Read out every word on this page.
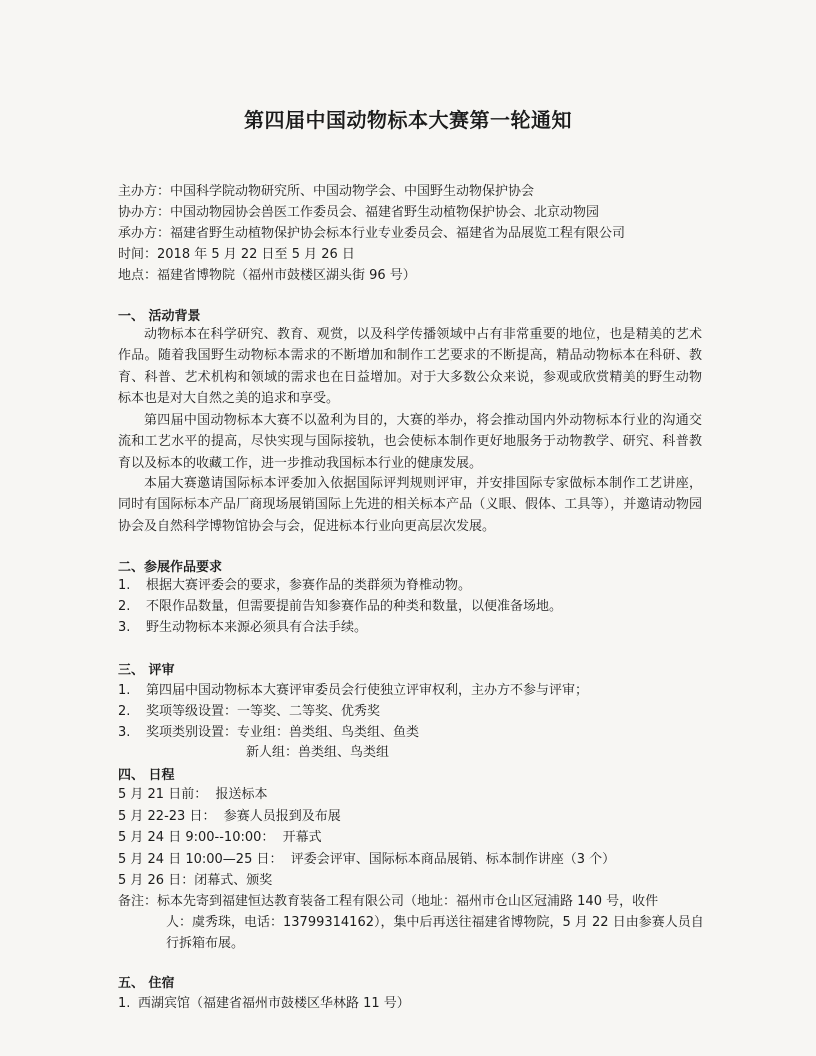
第四届中国动物标本大赛第一轮通知
主办方：中国科学院动物研究所、中国动物学会、中国野生动物保护协会
协办方：中国动物园协会兽医工作委员会、福建省野生动植物保护协会、北京动物园
承办方：福建省野生动植物保护协会标本行业专业委员会、福建省为品展览工程有限公司
时间：2018 年 5 月 22 日至 5 月 26 日
地点：福建省博物院（福州市鼓楼区湖头街 96 号）
一、 活动背景
动物标本在科学研究、教育、观赏，以及科学传播领域中占有非常重要的地位，也是精美的艺术作品。随着我国野生动物标本需求的不断增加和制作工艺要求的不断提高，精品动物标本在科研、教育、科普、艺术机构和领域的需求也在日益增加。对于大多数公众来说，参观或欣赏精美的野生动物标本也是对大自然之美的追求和享受。
第四届中国动物标本大赛不以盈利为目的，大赛的举办，将会推动国内外动物标本行业的沟通交流和工艺水平的提高，尽快实现与国际接轨，也会使标本制作更好地服务于动物教学、研究、科普教育以及标本的收藏工作，进一步推动我国标本行业的健康发展。
本届大赛邀请国际标本评委加入依据国际评判规则评审，并安排国际专家做标本制作工艺讲座，同时有国际标本产品厂商现场展销国际上先进的相关标本产品（义眼、假体、工具等），并邀请动物园协会及自然科学博物馆协会与会，促进标本行业向更高层次发展。
二、参展作品要求
1. 根据大赛评委会的要求，参赛作品的类群须为脊椎动物。
2. 不限作品数量，但需要提前告知参赛作品的种类和数量，以便准备场地。
3. 野生动物标本来源必须具有合法手续。
三、 评审
1. 第四届中国动物标本大赛评审委员会行使独立评审权利，主办方不参与评审；
2. 奖项等级设置：一等奖、二等奖、优秀奖
3. 奖项类别设置：专业组：兽类组、鸟类组、鱼类
新人组：兽类组、鸟类组
四、 日程
5 月 21 日前： 报送标本
5 月 22-23 日： 参赛人员报到及布展
5 月 24 日 9:00--10:00： 开幕式
5 月 24 日 10:00—25 日： 评委会评审、国际标本商品展销、标本制作讲座（3 个）
5 月 26 日：闭幕式、颁奖
备注：标本先寄到福建恒达教育装备工程有限公司（地址：福州市仓山区冠浦路 140 号，收件
人：虞秀珠，电话：13799314162），集中后再送往福建省博物院，5 月 22 日由参赛人员自行拆箱布展。
五、 住宿
1. 西湖宾馆（福建省福州市鼓楼区华林路 11 号）
